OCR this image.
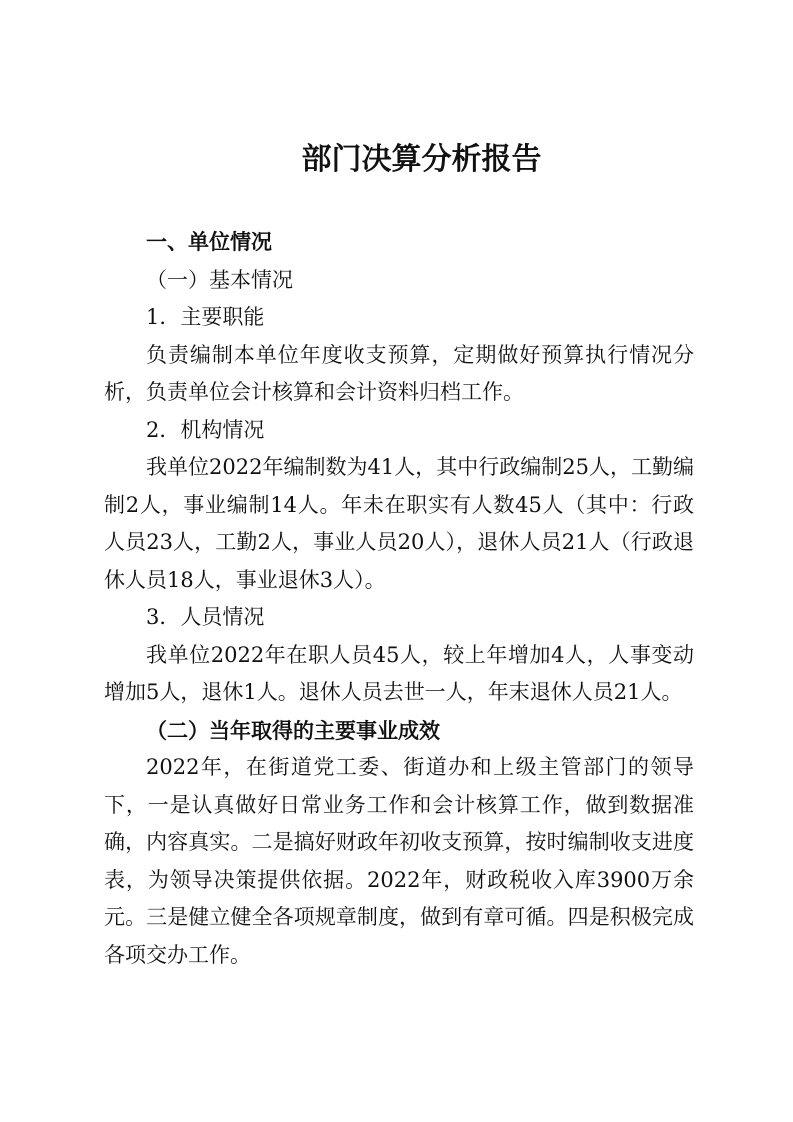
部门决算分析报告

一、单位情况

（一）基本情况

1．主要职能

负责编制本单位年度收支预算，定期做好预算执行情况分析，负责单位会计核算和会计资料归档工作。

2．机构情况

我单位2022年编制数为41人，其中行政编制25人，工勤编制2人，事业编制14人。年未在职实有人数45人（其中：行政人员23人，工勤2人，事业人员20人），退休人员21人（行政退休人员18人，事业退休3人）。

3．人员情况

我单位2022年在职人员45人，较上年增加4人，人事变动增加5人，退休1人。退休人员去世一人，年末退休人员21人。

（二）当年取得的主要事业成效

2022年，在街道党工委、街道办和上级主管部门的领导下，一是认真做好日常业务工作和会计核算工作，做到数据准确，内容真实。二是搞好财政年初收支预算，按时编制收支进度表，为领导决策提供依据。2022年，财政税收入库3900万余元。三是健立健全各项规章制度，做到有章可循。四是积极完成各项交办工作。
